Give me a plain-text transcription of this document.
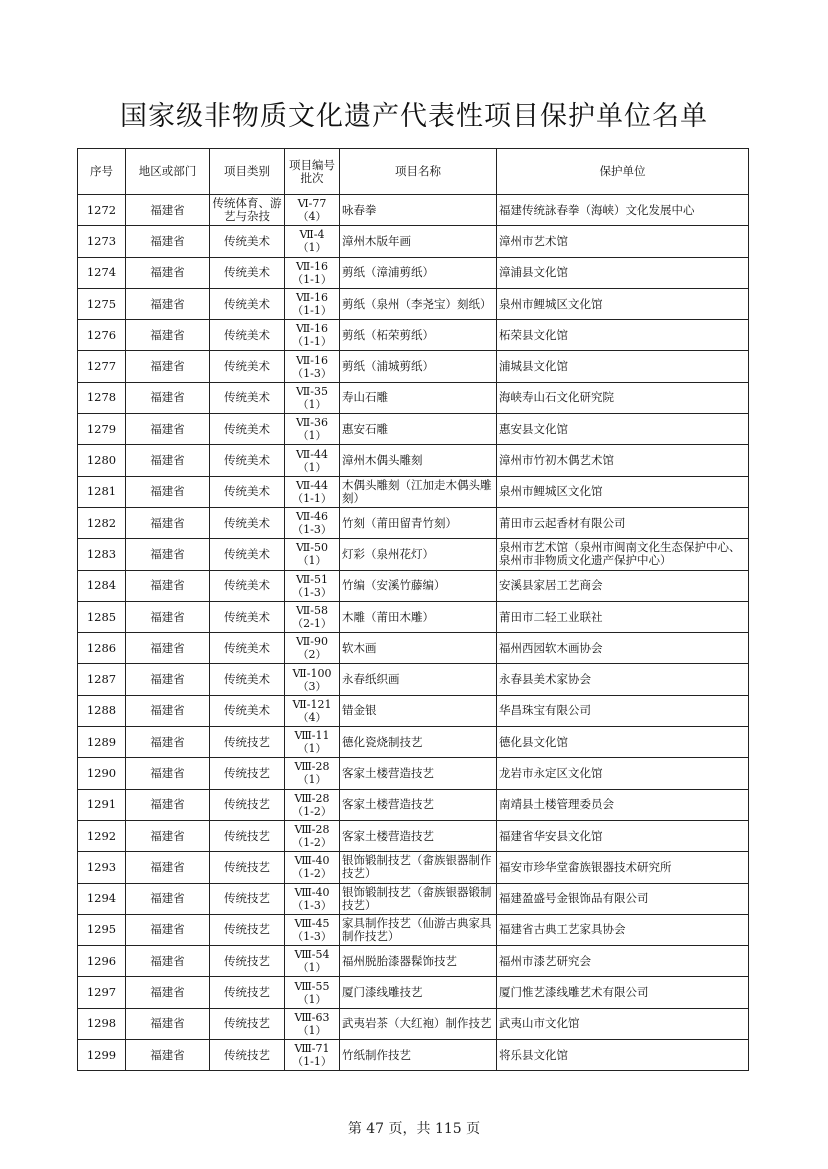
国家级非物质文化遗产代表性项目保护单位名单
序号	地区或部门	项目类别	项目编号批次	项目名称	保护单位
1272	福建省	传统体育、游艺与杂技	Ⅵ-77
（4）	咏春拳	福建传统詠春拳（海峡）文化发展中心
1273	福建省	传统美术	Ⅶ-4
（1）	漳州木版年画	漳州市艺术馆
1274	福建省	传统美术	Ⅶ-16
（1-1）	剪纸（漳浦剪纸）	漳浦县文化馆
1275	福建省	传统美术	Ⅶ-16
（1-1）	剪纸（泉州（李尧宝）刻纸）	泉州市鲤城区文化馆
1276	福建省	传统美术	Ⅶ-16
（1-1）	剪纸（柘荣剪纸）	柘荣县文化馆
1277	福建省	传统美术	Ⅶ-16
（1-3）	剪纸（浦城剪纸）	浦城县文化馆
1278	福建省	传统美术	Ⅶ-35
（1）	寿山石雕	海峡寿山石文化研究院
1279	福建省	传统美术	Ⅶ-36
（1）	惠安石雕	惠安县文化馆
1280	福建省	传统美术	Ⅶ-44
（1）	漳州木偶头雕刻	漳州市竹初木偶艺术馆
1281	福建省	传统美术	Ⅶ-44
（1-1）	木偶头雕刻（江加走木偶头雕刻）	泉州市鲤城区文化馆
1282	福建省	传统美术	Ⅶ-46
（1-3）	竹刻（莆田留青竹刻）	莆田市云起香材有限公司
1283	福建省	传统美术	Ⅶ-50
（1）	灯彩（泉州花灯）	泉州市艺术馆（泉州市闽南文化生态保护中心、泉州市非物质文化遗产保护中心）
1284	福建省	传统美术	Ⅶ-51
（1-3）	竹编（安溪竹藤编）	安溪县家居工艺商会
1285	福建省	传统美术	Ⅶ-58
（2-1）	木雕（莆田木雕）	莆田市二轻工业联社
1286	福建省	传统美术	Ⅶ-90
（2）	软木画	福州西园软木画协会
1287	福建省	传统美术	Ⅶ-100
（3）	永春纸织画	永春县美术家协会
1288	福建省	传统美术	Ⅶ-121
（4）	错金银	华昌珠宝有限公司
1289	福建省	传统技艺	Ⅷ-11
（1）	德化瓷烧制技艺	德化县文化馆
1290	福建省	传统技艺	Ⅷ-28
（1）	客家土楼营造技艺	龙岩市永定区文化馆
1291	福建省	传统技艺	Ⅷ-28
（1-2）	客家土楼营造技艺	南靖县土楼管理委员会
1292	福建省	传统技艺	Ⅷ-28
（1-2）	客家土楼营造技艺	福建省华安县文化馆
1293	福建省	传统技艺	Ⅷ-40
（1-2）	银饰锻制技艺（畲族银器制作技艺）	福安市珍华堂畲族银器技术研究所
1294	福建省	传统技艺	Ⅷ-40
（1-3）	银饰锻制技艺（畲族银器锻制技艺）	福建盈盛号金银饰品有限公司
1295	福建省	传统技艺	Ⅷ-45
（1-3）	家具制作技艺（仙游古典家具制作技艺）	福建省古典工艺家具协会
1296	福建省	传统技艺	Ⅷ-54
（1）	福州脱胎漆器髹饰技艺	福州市漆艺研究会
1297	福建省	传统技艺	Ⅷ-55
（1）	厦门漆线雕技艺	厦门惟艺漆线雕艺术有限公司
1298	福建省	传统技艺	Ⅷ-63
（1）	武夷岩茶（大红袍）制作技艺	武夷山市文化馆
1299	福建省	传统技艺	Ⅷ-71
（1-1）	竹纸制作技艺	将乐县文化馆
第 47 页，共 115 页
